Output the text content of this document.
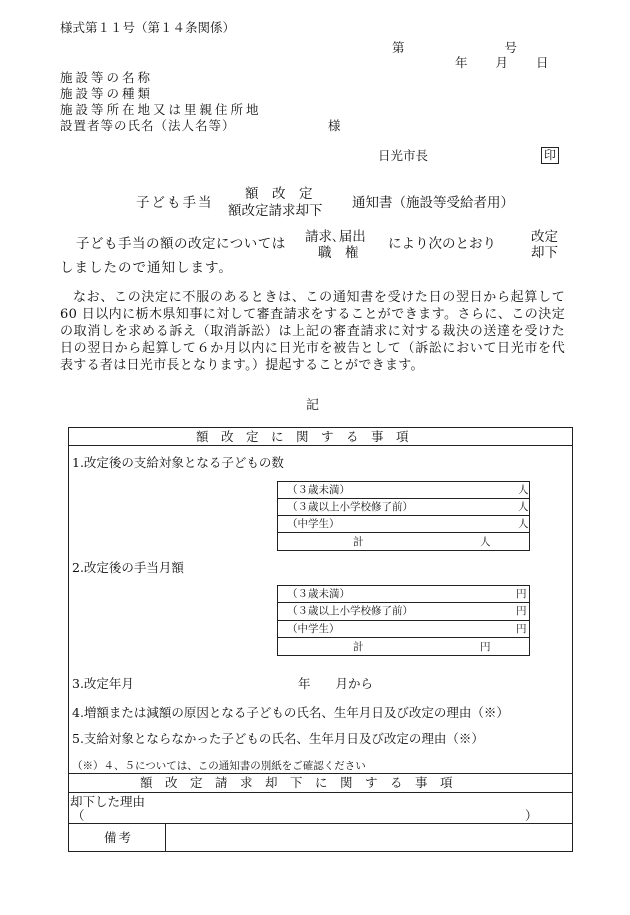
様式第１１号（第１４条関係）
第　　　　　　　　号
年　　月　　日
施設等の名称
施設等の種類
施設等所在地又は里親住所地
設置者等の氏名（法人名等）	様
日光市長	印
子ども手当
額　改　定
額改定請求却下 通知書（施設等受給者用）
子ども手当の額の改定については 請求､届出
職　権
により次のとおり	改定
却下
しましたので通知します。
なお、この決定に不服のあるときは、この通知書を受けた日の翌日から起算して 60 日以内に栃木県知事に対して審査請求をすることができます。さらに、この決定の取消しを求める訴え（取消訴訟）は上記の審査請求に対する裁決の送達を受けた日の翌日から起算して６か月以内に日光市を被告として（訴訟において日光市を代表する者は日光市長となります。）提起することができます。
記
額　改　定　に　関　す　る　事　項
1.改定後の支給対象となる子どもの数
（３歳未満）	人
（３歳以上小学校修了前）	人
（中学生）	人
計	人
2.改定後の手当月額
（３歳未満）	円
（３歳以上小学校修了前）	円
（中学生）	円
計	円
3.改定年月	年　　月から
4.増額または減額の原因となる子どもの氏名、生年月日及び改定の理由（※）
5.支給対象とならなかった子どもの氏名、生年月日及び改定の理由（※）
（※）４、５については、この通知書の別紙をご確認ください
額　改　定　請　求　却　下　に　関　す　る　事　項
却下した理由
（	）
備考
